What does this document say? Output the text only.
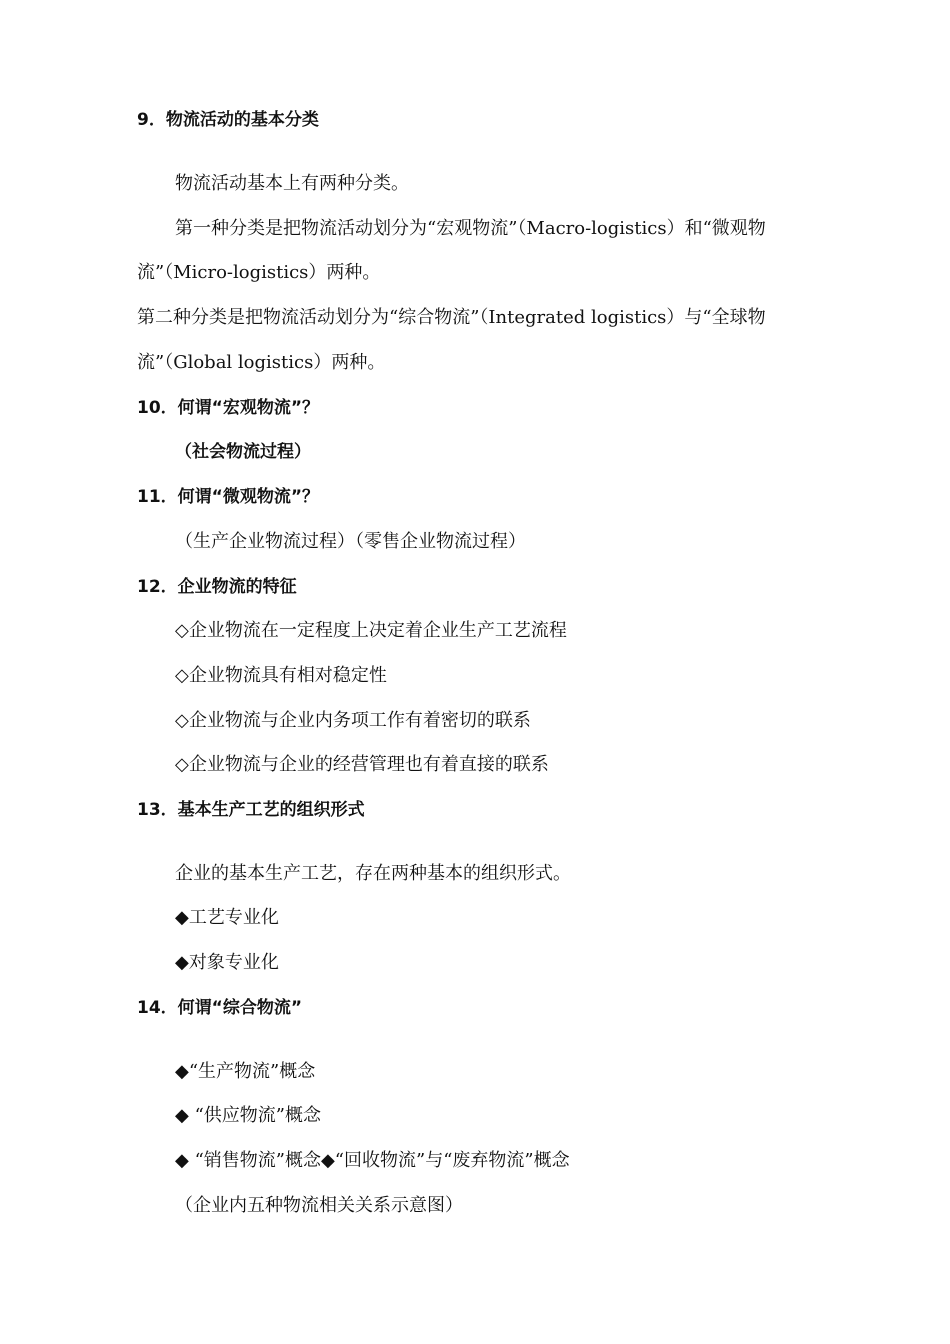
9．物流活动的基本分类
物流活动基本上有两种分类。
第一种分类是把物流活动划分为“宏观物流”（Macro-logistics）和“微观物
流”（Micro-logistics）两种。
第二种分类是把物流活动划分为“综合物流”（Integrated logistics）与“全球物
流”（Global logistics）两种。
10．何谓“宏观物流”？
（社会物流过程）
11．何谓“微观物流”？
（生产企业物流过程）（零售企业物流过程）
12．企业物流的特征
◇企业物流在一定程度上决定着企业生产工艺流程
◇企业物流具有相对稳定性
◇企业物流与企业内务项工作有着密切的联系
◇企业物流与企业的经营管理也有着直接的联系
13．基本生产工艺的组织形式
企业的基本生产工艺，存在两种基本的组织形式。
◆工艺专业化
◆对象专业化
14．何谓“综合物流”
◆“生产物流”概念
◆ “供应物流”概念
◆ “销售物流”概念◆“回收物流”与“废弃物流”概念
（企业内五种物流相关关系示意图）
